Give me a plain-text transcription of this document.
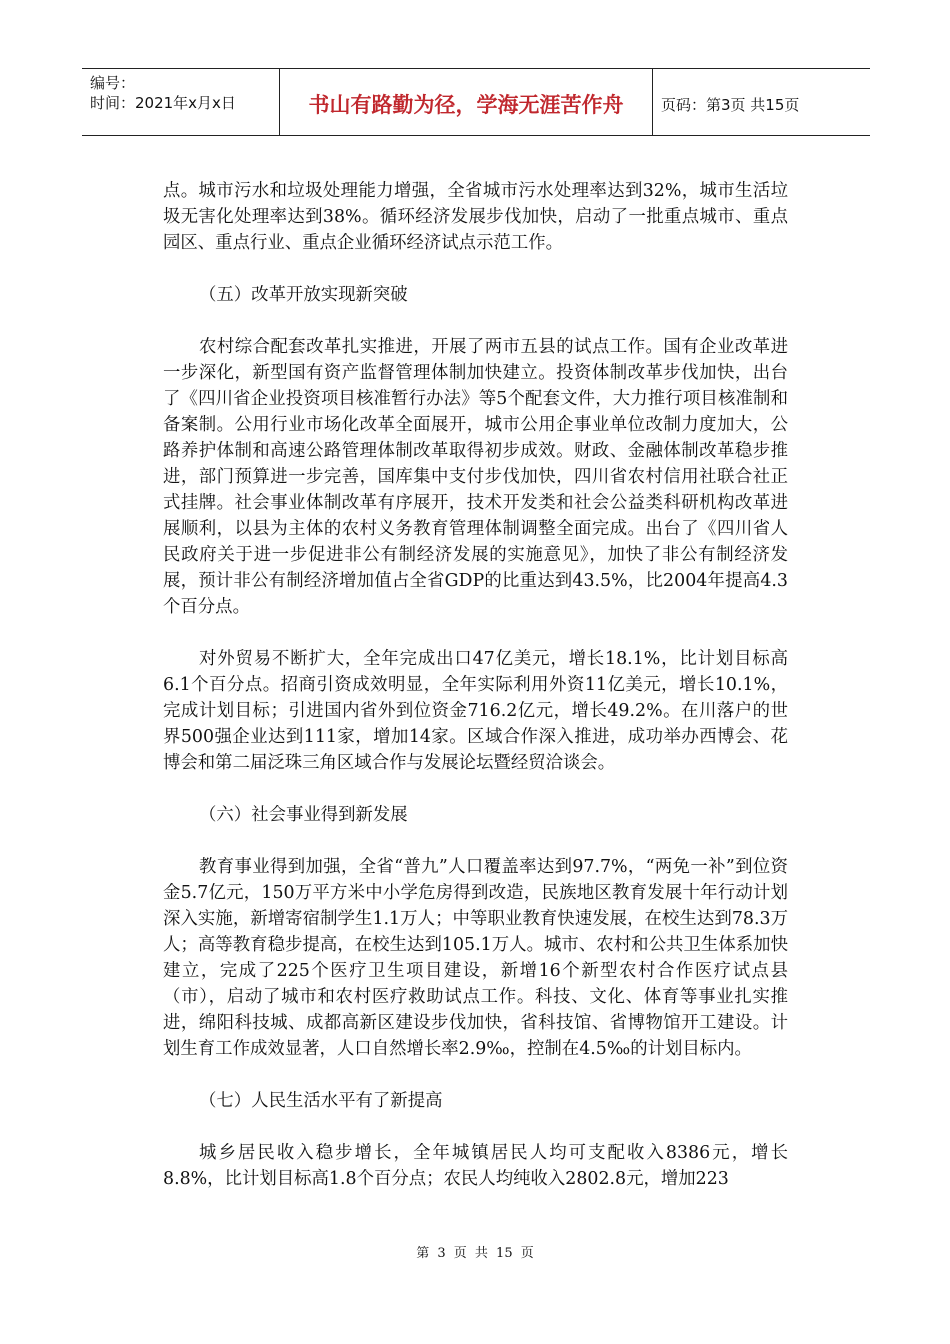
编号：
时间：2021年x月x日	书山有路勤为径，学海无涯苦作舟	页码：第3页 共15页

点。城市污水和垃圾处理能力增强，全省城市污水处理率达到32%，城市生活垃圾无害化处理率达到38%。循环经济发展步伐加快，启动了一批重点城市、重点园区、重点行业、重点企业循环经济试点示范工作。

（五）改革开放实现新突破

农村综合配套改革扎实推进，开展了两市五县的试点工作。国有企业改革进一步深化，新型国有资产监督管理体制加快建立。投资体制改革步伐加快，出台了《四川省企业投资项目核准暂行办法》等5个配套文件，大力推行项目核准制和备案制。公用行业市场化改革全面展开，城市公用企事业单位改制力度加大，公路养护体制和高速公路管理体制改革取得初步成效。财政、金融体制改革稳步推进，部门预算进一步完善，国库集中支付步伐加快，四川省农村信用社联合社正式挂牌。社会事业体制改革有序展开，技术开发类和社会公益类科研机构改革进展顺利，以县为主体的农村义务教育管理体制调整全面完成。出台了《四川省人民政府关于进一步促进非公有制经济发展的实施意见》，加快了非公有制经济发展，预计非公有制经济增加值占全省GDP的比重达到43.5%，比2004年提高4.3个百分点。

对外贸易不断扩大，全年完成出口47亿美元，增长18.1%，比计划目标高6.1个百分点。招商引资成效明显，全年实际利用外资11亿美元，增长10.1%，完成计划目标；引进国内省外到位资金716.2亿元，增长49.2%。在川落户的世界500强企业达到111家，增加14家。区域合作深入推进，成功举办西博会、花博会和第二届泛珠三角区域合作与发展论坛暨经贸洽谈会。

（六）社会事业得到新发展

教育事业得到加强，全省“普九”人口覆盖率达到97.7%，“两免一补”到位资金5.7亿元，150万平方米中小学危房得到改造，民族地区教育发展十年行动计划深入实施，新增寄宿制学生1.1万人；中等职业教育快速发展，在校生达到78.3万人；高等教育稳步提高，在校生达到105.1万人。城市、农村和公共卫生体系加快建立，完成了225个医疗卫生项目建设，新增16个新型农村合作医疗试点县（市），启动了城市和农村医疗救助试点工作。科技、文化、体育等事业扎实推进，绵阳科技城、成都高新区建设步伐加快，省科技馆、省博物馆开工建设。计划生育工作成效显著，人口自然增长率2.9‰，控制在4.5‰的计划目标内。

（七）人民生活水平有了新提高

城乡居民收入稳步增长，全年城镇居民人均可支配收入8386元，增长8.8%，比计划目标高1.8个百分点；农民人均纯收入2802.8元，增加223

第 3 页 共 15 页
